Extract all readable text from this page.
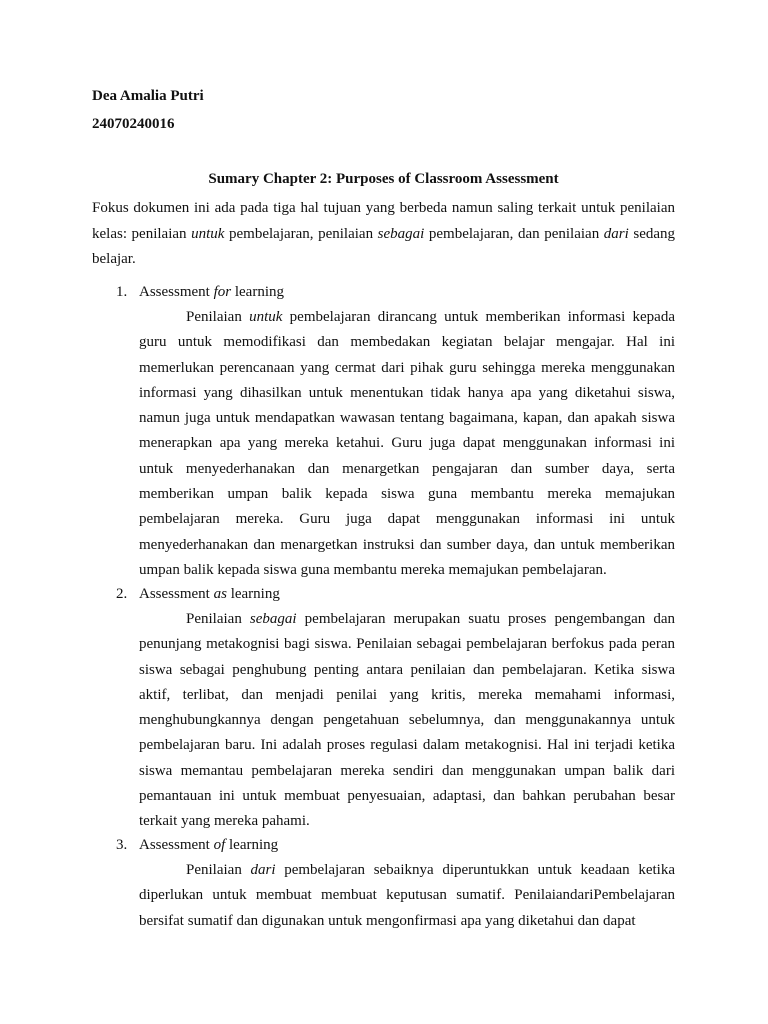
Dea Amalia Putri
24070240016
Sumary Chapter 2: Purposes of Classroom Assessment

Fokus dokumen ini ada pada tiga hal tujuan yang berbeda namun saling terkait untuk penilaian kelas: penilaian untuk pembelajaran, penilaian sebagai pembelajaran, dan penilaian dari sedang belajar.

1. Assessment for learning

Penilaian untuk pembelajaran dirancang untuk memberikan informasi kepada guru untuk memodifikasi dan membedakan kegiatan belajar mengajar. Hal ini memerlukan perencanaan yang cermat dari pihak guru sehingga mereka menggunakan informasi yang dihasilkan untuk menentukan tidak hanya apa yang diketahui siswa, namun juga untuk mendapatkan wawasan tentang bagaimana, kapan, dan apakah siswa menerapkan apa yang mereka ketahui. Guru juga dapat menggunakan informasi ini untuk menyederhanakan dan menargetkan pengajaran dan sumber daya, serta memberikan umpan balik kepada siswa guna membantu mereka memajukan pembelajaran mereka. Guru juga dapat menggunakan informasi ini untuk menyederhanakan dan menargetkan instruksi dan sumber daya, dan untuk memberikan umpan balik kepada siswa guna membantu mereka memajukan pembelajaran.

2. Assessment as learning

Penilaian sebagai pembelajaran merupakan suatu proses pengembangan dan penunjang metakognisi bagi siswa. Penilaian sebagai pembelajaran berfokus pada peran siswa sebagai penghubung penting antara penilaian dan pembelajaran. Ketika siswa aktif, terlibat, dan menjadi penilai yang kritis, mereka memahami informasi, menghubungkannya dengan pengetahuan sebelumnya, dan menggunakannya untuk pembelajaran baru. Ini adalah proses regulasi dalam metakognisi. Hal ini terjadi ketika siswa memantau pembelajaran mereka sendiri dan menggunakan umpan balik dari pemantauan ini untuk membuat penyesuaian, adaptasi, dan bahkan perubahan besar terkait yang mereka pahami.

3. Assessment of learning

Penilaian dari pembelajaran sebaiknya diperuntukkan untuk keadaan ketika diperlukan untuk membuat membuat keputusan sumatif. PenilaiandariPembelajaran bersifat sumatif dan digunakan untuk mengonfirmasi apa yang diketahui dan dapat
